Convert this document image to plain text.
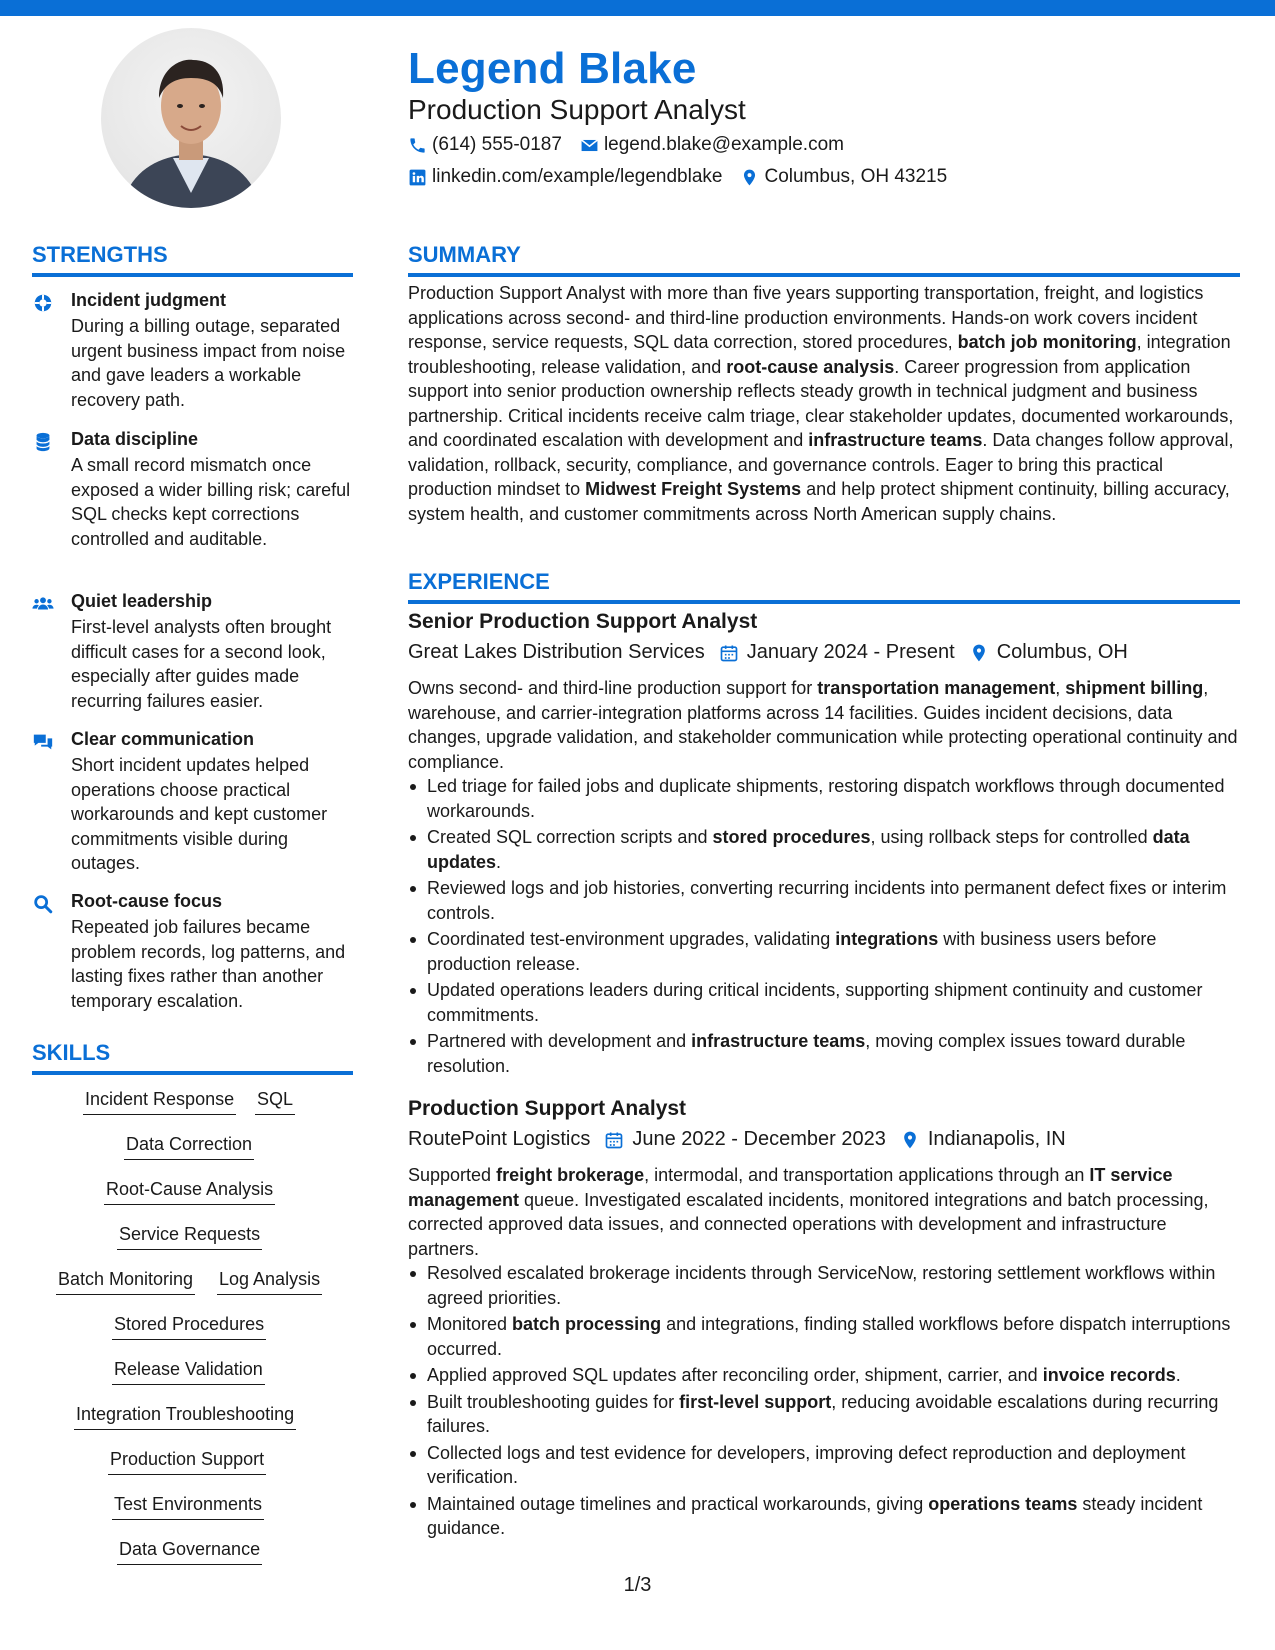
Legend Blake
Production Support Analyst
(614) 555-0187 legend.blake@example.com
linkedin.com/example/legendblake Columbus, OH 43215
STRENGTHS
Incident judgment
During a billing outage, separated urgent business impact from noise and gave leaders a workable recovery path.
Data discipline
A small record mismatch once exposed a wider billing risk; careful SQL checks kept corrections controlled and auditable.
Quiet leadership
First-level analysts often brought difficult cases for a second look, especially after guides made recurring failures easier.
Clear communication
Short incident updates helped operations choose practical workarounds and kept customer commitments visible during outages.
Root-cause focus
Repeated job failures became problem records, log patterns, and lasting fixes rather than another temporary escalation.
SKILLS
Incident Response SQL
Data Correction
Root-Cause Analysis
Service Requests
Batch Monitoring Log Analysis
Stored Procedures
Release Validation
Integration Troubleshooting
Production Support
Test Environments
Data Governance
SUMMARY
Production Support Analyst with more than five years supporting transportation, freight, and logistics applications across second- and third-line production environments. Hands-on work covers incident response, service requests, SQL data correction, stored procedures, batch job monitoring, integration troubleshooting, release validation, and root-cause analysis. Career progression from application support into senior production ownership reflects steady growth in technical judgment and business partnership. Critical incidents receive calm triage, clear stakeholder updates, documented workarounds, and coordinated escalation with development and infrastructure teams. Data changes follow approval, validation, rollback, security, compliance, and governance controls. Eager to bring this practical production mindset to Midwest Freight Systems and help protect shipment continuity, billing accuracy, system health, and customer commitments across North American supply chains.
EXPERIENCE
Senior Production Support Analyst
Great Lakes Distribution Services January 2024 - Present Columbus, OH
Owns second- and third-line production support for transportation management, shipment billing, warehouse, and carrier-integration platforms across 14 facilities. Guides incident decisions, data changes, upgrade validation, and stakeholder communication while protecting operational continuity and compliance.
Led triage for failed jobs and duplicate shipments, restoring dispatch workflows through documented workarounds.
Created SQL correction scripts and stored procedures, using rollback steps for controlled data updates.
Reviewed logs and job histories, converting recurring incidents into permanent defect fixes or interim controls.
Coordinated test-environment upgrades, validating integrations with business users before production release.
Updated operations leaders during critical incidents, supporting shipment continuity and customer commitments.
Partnered with development and infrastructure teams, moving complex issues toward durable resolution.
Production Support Analyst
RoutePoint Logistics June 2022 - December 2023 Indianapolis, IN
Supported freight brokerage, intermodal, and transportation applications through an IT service management queue. Investigated escalated incidents, monitored integrations and batch processing, corrected approved data issues, and connected operations with development and infrastructure partners.
Resolved escalated brokerage incidents through ServiceNow, restoring settlement workflows within agreed priorities.
Monitored batch processing and integrations, finding stalled workflows before dispatch interruptions occurred.
Applied approved SQL updates after reconciling order, shipment, carrier, and invoice records.
Built troubleshooting guides for first-level support, reducing avoidable escalations during recurring failures.
Collected logs and test evidence for developers, improving defect reproduction and deployment verification.
Maintained outage timelines and practical workarounds, giving operations teams steady incident guidance.
1/3
